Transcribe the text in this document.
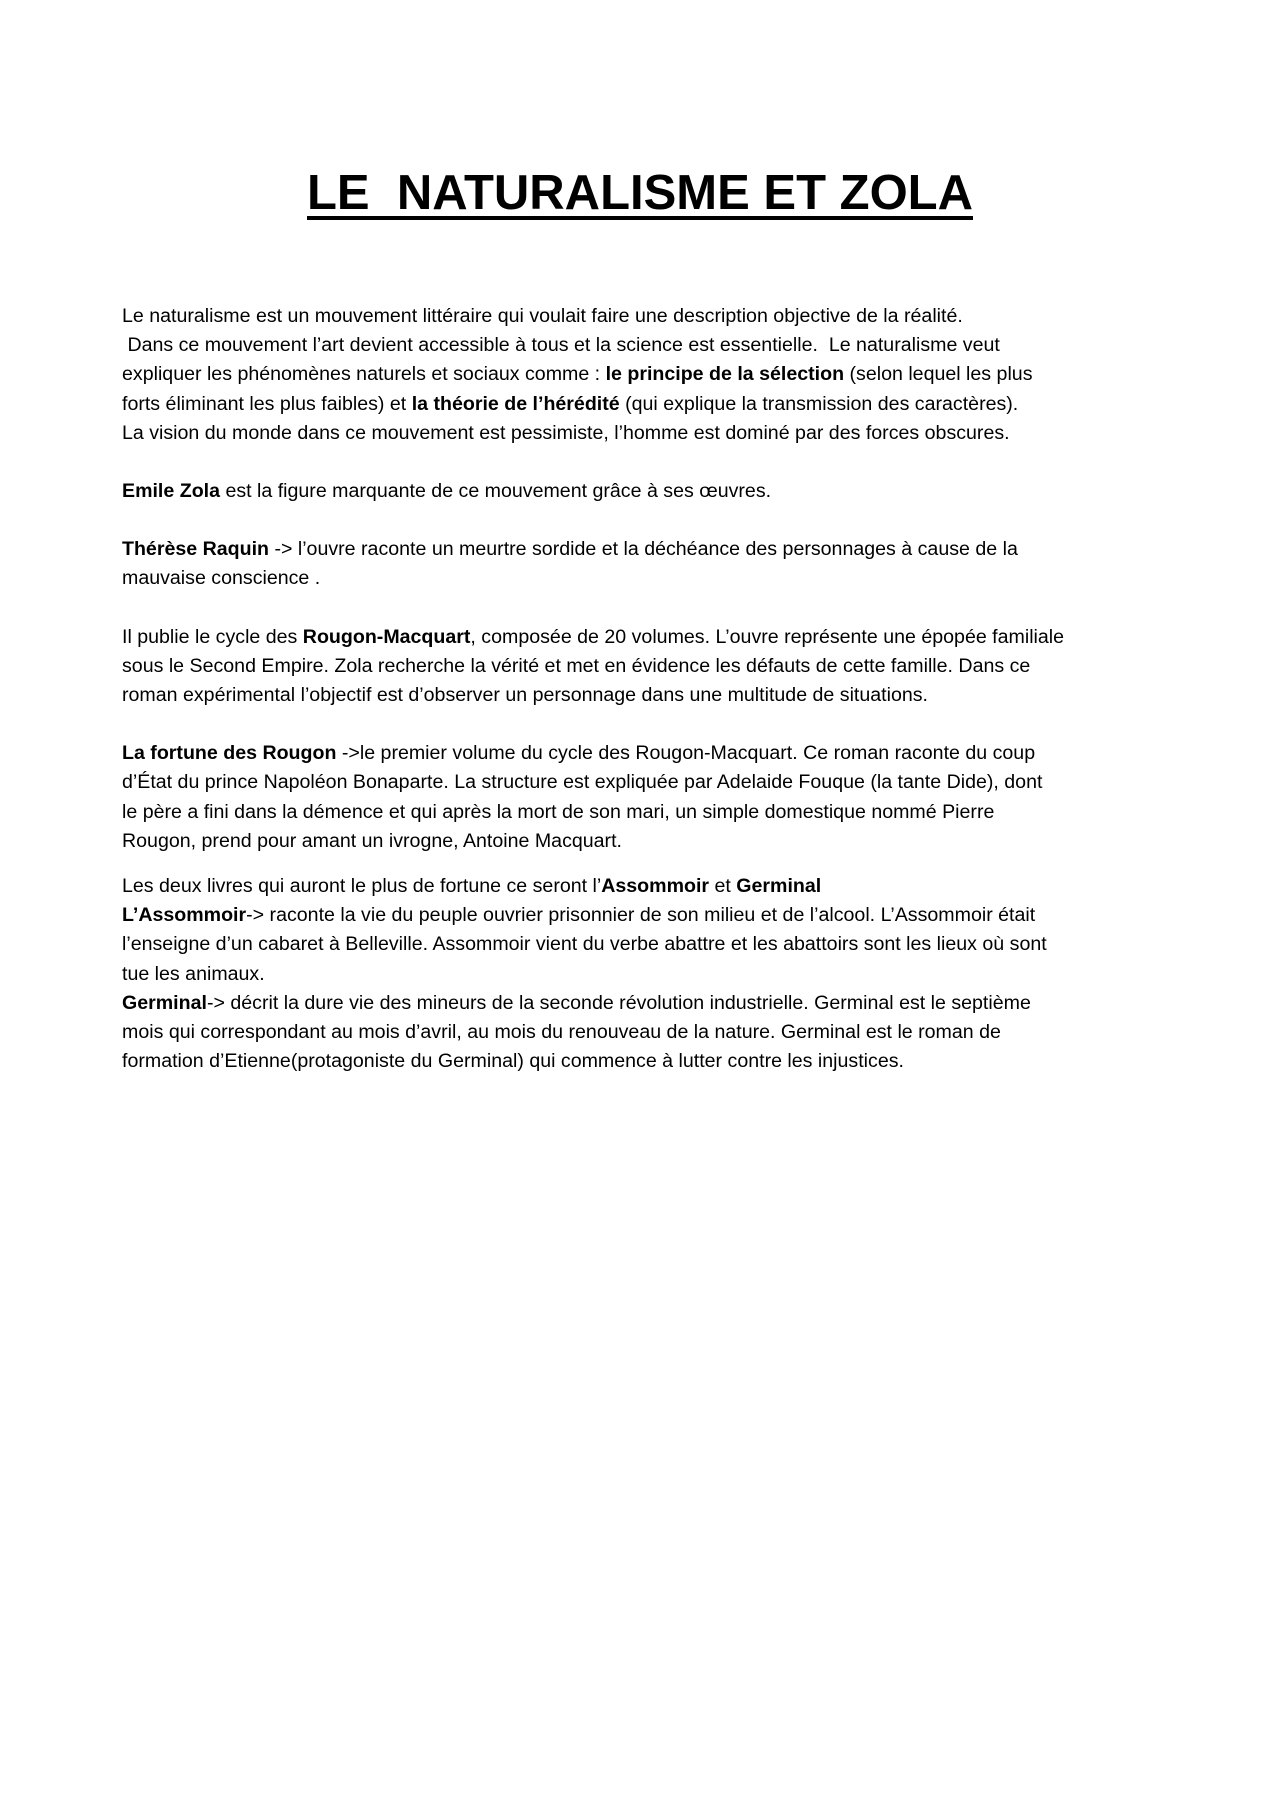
LE  NATURALISME ET ZOLA

Le naturalisme est un mouvement littéraire qui voulait faire une description objective de la réalité.
Dans ce mouvement l’art devient accessible à tous et la science est essentielle.  Le naturalisme veut
expliquer les phénomènes naturels et sociaux comme : le principe de la sélection (selon lequel les plus
forts éliminant les plus faibles) et la théorie de l’hérédité (qui explique la transmission des caractères).
La vision du monde dans ce mouvement est pessimiste, l’homme est dominé par des forces obscures.

Emile Zola est la figure marquante de ce mouvement grâce à ses œuvres.

Thérèse Raquin -> l’ouvre raconte un meurtre sordide et la déchéance des personnages à cause de la
mauvaise conscience .

Il publie le cycle des Rougon-Macquart, composée de 20 volumes. L’ouvre représente une épopée familiale
sous le Second Empire. Zola recherche la vérité et met en évidence les défauts de cette famille. Dans ce
roman expérimental l’objectif est d’observer un personnage dans une multitude de situations.

La fortune des Rougon ->le premier volume du cycle des Rougon-Macquart. Ce roman raconte du coup
d’État du prince Napoléon Bonaparte. La structure est expliquée par Adelaide Fouque (la tante Dide), dont
le père a fini dans la démence et qui après la mort de son mari, un simple domestique nommé Pierre
Rougon, prend pour amant un ivrogne, Antoine Macquart.

Les deux livres qui auront le plus de fortune ce seront l’Assommoir et Germinal
L’Assommoir-> raconte la vie du peuple ouvrier prisonnier de son milieu et de l’alcool. L’Assommoir était
l’enseigne d’un cabaret à Belleville. Assommoir vient du verbe abattre et les abattoirs sont les lieux où sont
tue les animaux.
Germinal-> décrit la dure vie des mineurs de la seconde révolution industrielle. Germinal est le septième
mois qui correspondant au mois d’avril, au mois du renouveau de la nature. Germinal est le roman de
formation d’Etienne(protagoniste du Germinal) qui commence à lutter contre les injustices.
